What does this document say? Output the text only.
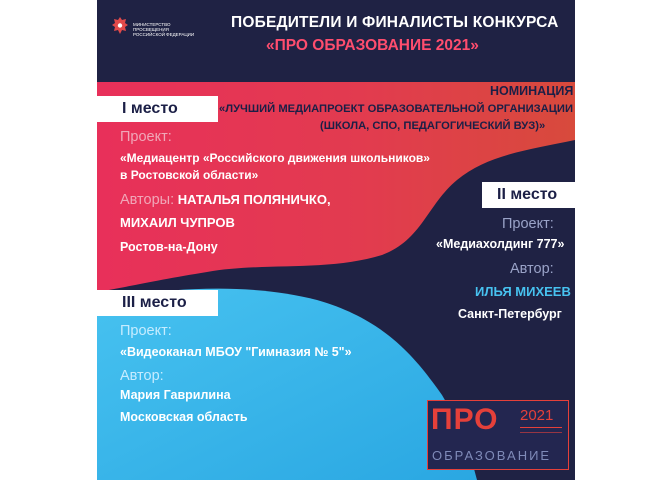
МИНИСТЕРСТВО ПРОСВЕЩЕНИЯ
РОССИЙСКОЙ ФЕДЕРАЦИИ
ПОБЕДИТЕЛИ И ФИНАЛИСТЫ КОНКУРСА
«ПРО ОБРАЗОВАНИЕ 2021»
НОМИНАЦИЯ
«ЛУЧШИЙ МЕДИАПРОЕКТ ОБРАЗОВАТЕЛЬНОЙ ОРГАНИЗАЦИИ
(ШКОЛА, СПО, ПЕДАГОГИЧЕСКИЙ ВУЗ)»
I место
Проект:
«Медиацентр «Российского движения школьников»
в Ростовской области»
Авторы: НАТАЛЬЯ ПОЛЯНИЧКО,
МИХАИЛ ЧУПРОВ
Ростов-на-Дону
II место
Проект:
«Медиахолдинг 777»
Автор:
ИЛЬЯ МИХЕЕВ
Санкт-Петербург
III место
Проект:
«Видеоканал МБОУ "Гимназия № 5"»
Автор:
Мария Гаврилина
Московская область	ПРО 2021
ОБРАЗОВАНИЕ
